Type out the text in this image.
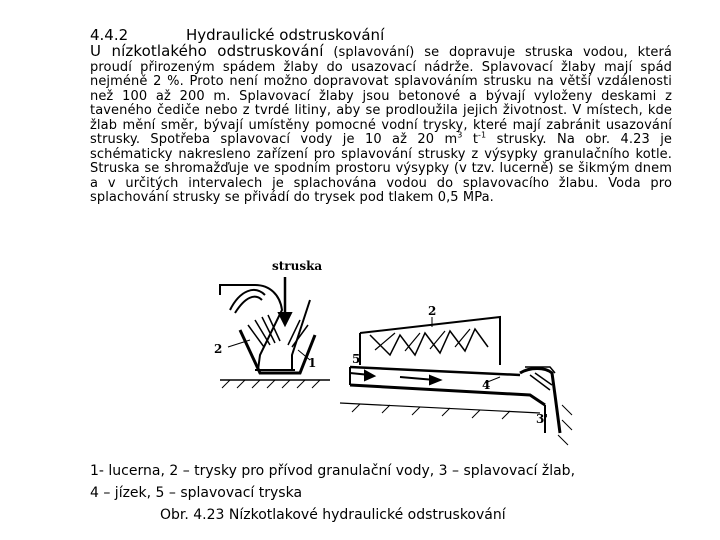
4.4.2	Hydraulické odstruskování
U nízkotlakého odstruskování (splavování) se dopravuje struska vodou, která proudí přirozeným spádem žlaby do usazovací nádrže. Splavovací žlaby mají spád nejméně 2 %. Proto není možno dopravovat splavováním strusku na větší vzdálenosti než 100 až 200 m. Splavovací žlaby jsou betonové a bývají vyloženy deskami z taveného čediče nebo z tvrdé litiny, aby se prodloužila jejich životnost. V místech, kde žlab mění směr, bývají umístěny pomocné vodní trysky, které mají zabránit usazování strusky. Spotřeba splavovací vody je 10 až 20 $m^3$ $t^{-1}$ strusky. Na obr. 4.23 je schématicky nakresleno zařízení pro splavování strusky z výsypky granulačního kotle. Struska se shromažďuje ve spodním prostoru výsypky (v tzv. lucerně) se šikmým dnem a v určitých intervalech je splachována vodou do splavovacího žlabu. Voda pro splachování strusky se přivádí do trysek pod tlakem 0,5 MPa.
struska
1
2
2
3'
4
5
1- lucerna, 2 – trysky pro přívod granulační vody, 3 – splavovací žlab,
4 – jízek, 5 – splavovací tryska
Obr. 4.23 Nízkotlakové hydraulické odstruskování
